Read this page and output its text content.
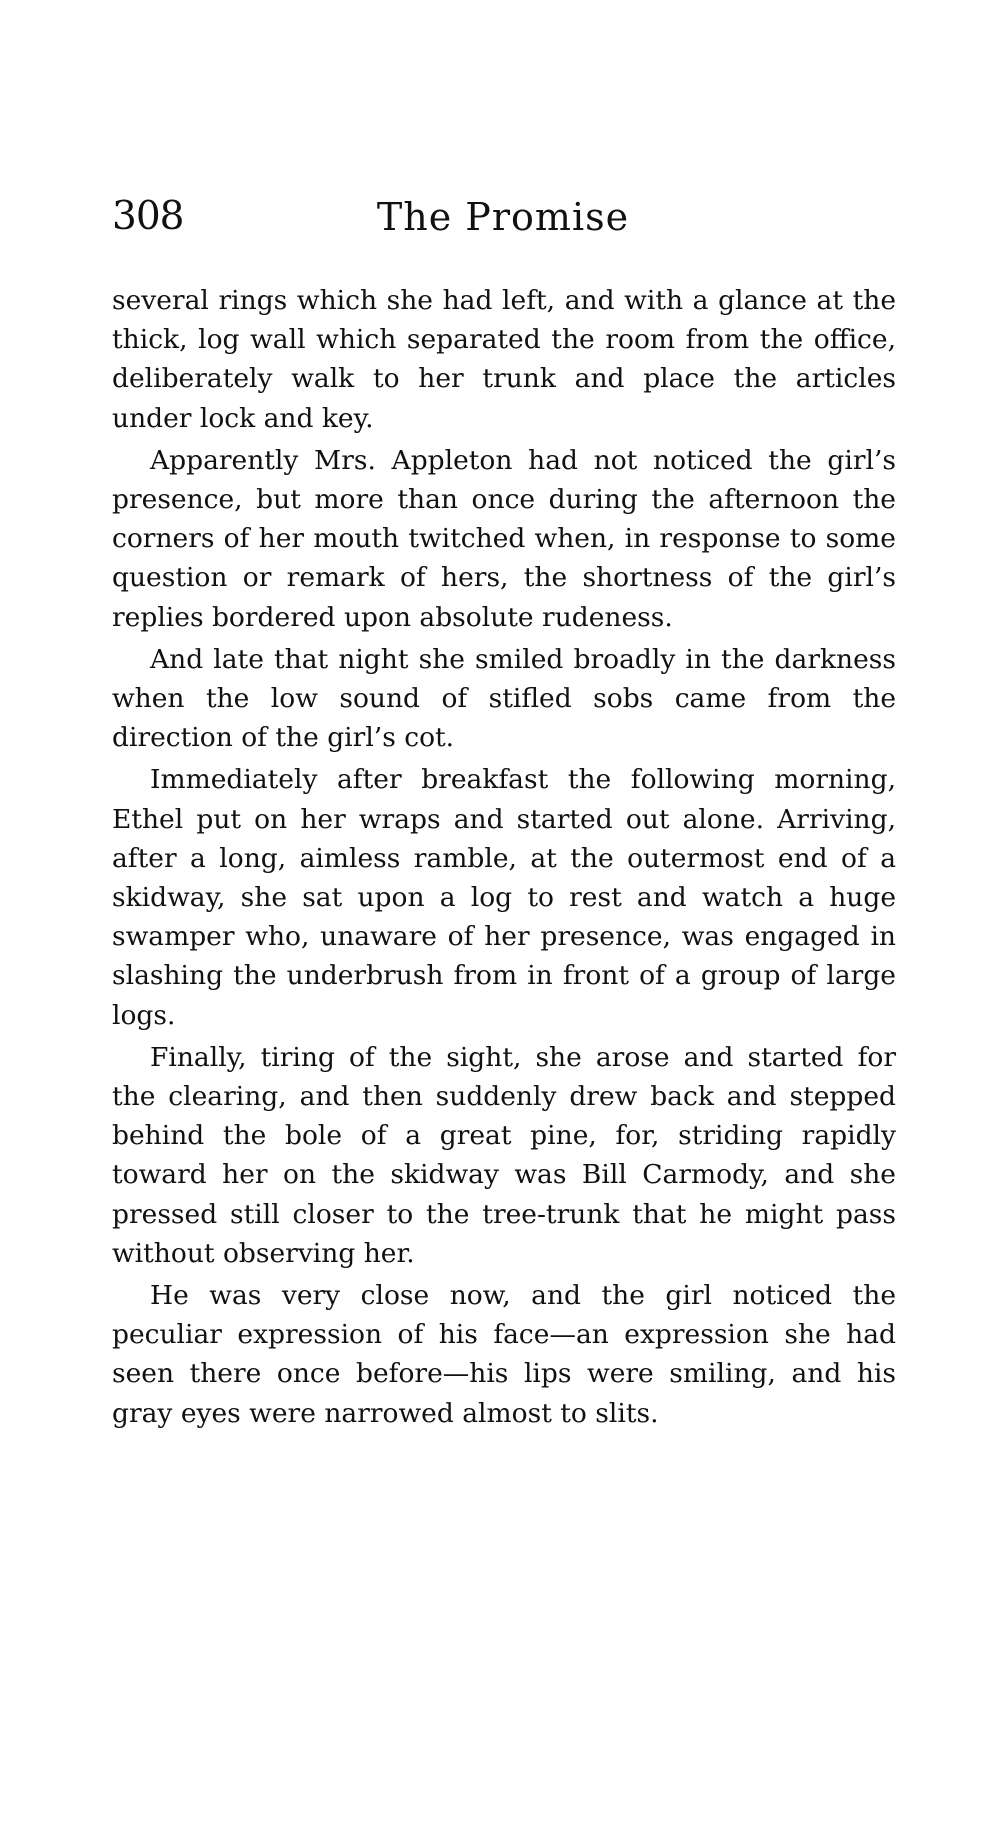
308	The Promise

several rings which she had left, and with a glance at the thick, log wall which separated the room from the office, deliberately walk to her trunk and place the articles under lock and key.

Apparently Mrs. Appleton had not noticed the girl’s presence, but more than once during the afternoon the corners of her mouth twitched when, in response to some question or remark of hers, the shortness of the girl’s replies bordered upon absolute rudeness.

And late that night she smiled broadly in the darkness when the low sound of stifled sobs came from the direction of the girl’s cot.

Immediately after breakfast the following morning, Ethel put on her wraps and started out alone. Arriving, after a long, aimless ramble, at the outermost end of a skidway, she sat upon a log to rest and watch a huge swamper who, unaware of her presence, was engaged in slashing the underbrush from in front of a group of large logs.

Finally, tiring of the sight, she arose and started for the clearing, and then suddenly drew back and stepped behind the bole of a great pine, for, striding rapidly toward her on the skidway was Bill Carmody, and she pressed still closer to the tree-trunk that he might pass without observing her.

He was very close now, and the girl noticed the peculiar expression of his face—an expression she had seen there once before—his lips were smiling, and his gray eyes were narrowed almost to slits.
